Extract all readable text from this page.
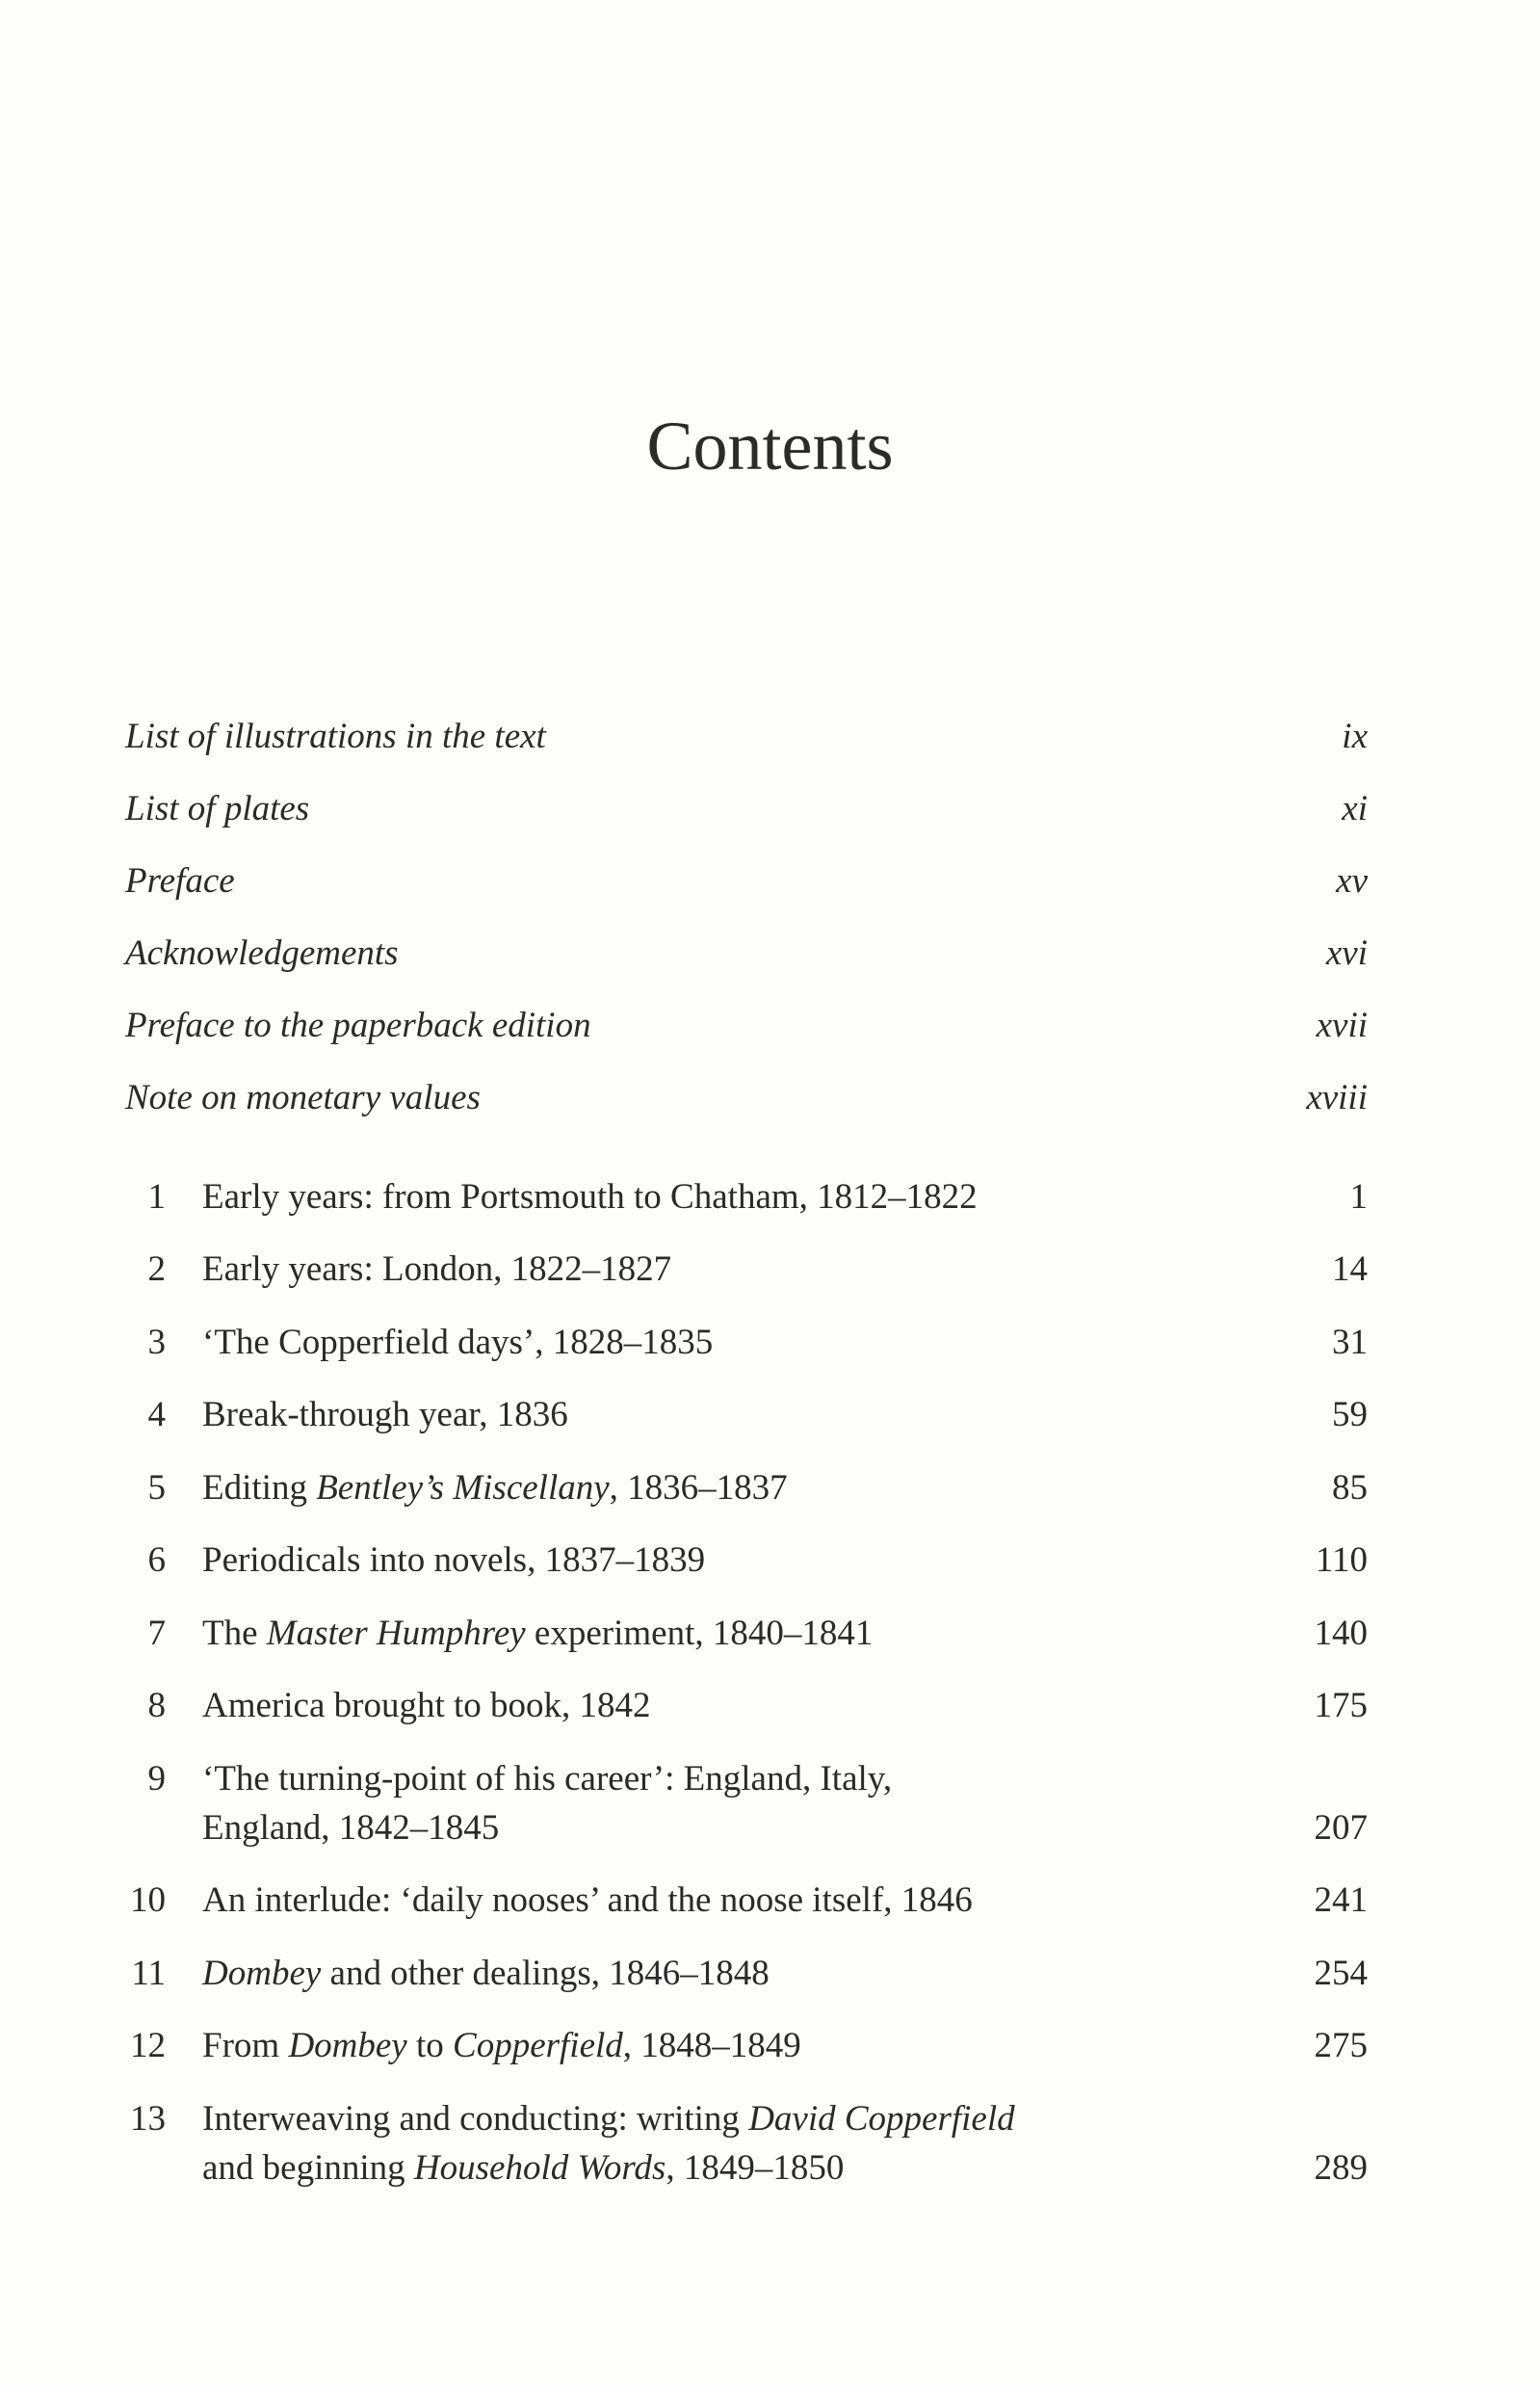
Contents
List of illustrations in the text	ix
List of plates	xi
Preface	xv
Acknowledgements	xvi
Preface to the paperback edition	xvii
Note on monetary values	xviii
1 Early years: from Portsmouth to Chatham, 1812–1822	1
2 Early years: London, 1822–1827	14
3 ‘The Copperfield days’, 1828–1835	31
4 Break-through year, 1836	59
5 Editing Bentley’s Miscellany, 1836–1837	85
6 Periodicals into novels, 1837–1839	110
7 The Master Humphrey experiment, 1840–1841	140
8 America brought to book, 1842	175
9 ‘The turning-point of his career’: England, Italy,
England, 1842–1845	207
10 An interlude: ‘daily nooses’ and the noose itself, 1846	241
11 Dombey and other dealings, 1846–1848	254
12 From Dombey to Copperfield, 1848–1849	275
13 Interweaving and conducting: writing David Copperfield
and beginning Household Words, 1849–1850	289
